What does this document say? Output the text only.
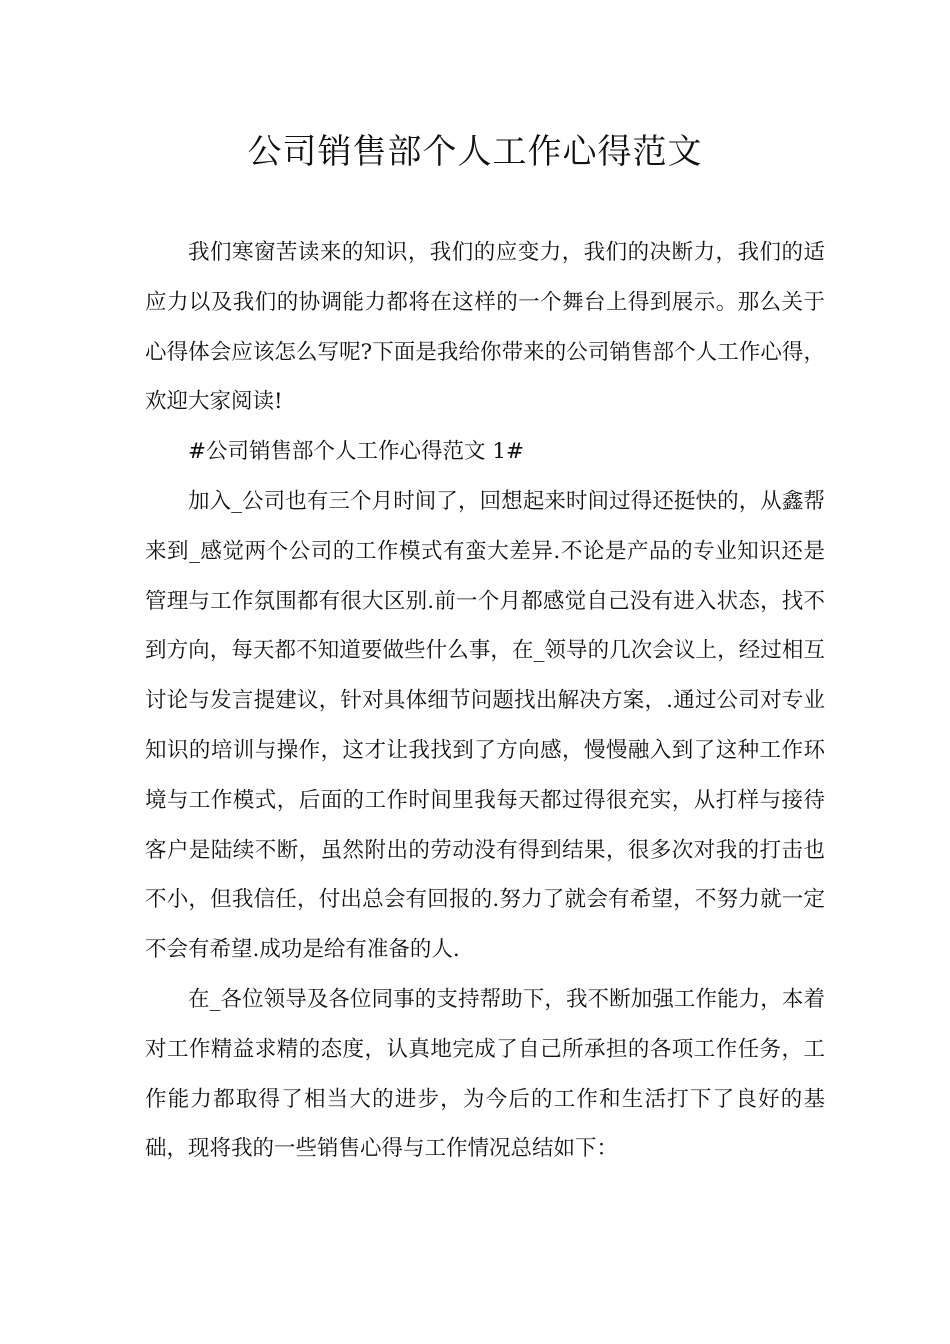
公司销售部个人工作心得范文

我们寒窗苦读来的知识，我们的应变力，我们的决断力，我们的适应力以及我们的协调能力都将在这样的一个舞台上得到展示。那么关于心得体会应该怎么写呢?下面是我给你带来的公司销售部个人工作心得，欢迎大家阅读!

#公司销售部个人工作心得范文 1#

加入_公司也有三个月时间了，回想起来时间过得还挺快的，从鑫帮来到_感觉两个公司的工作模式有蛮大差异.不论是产品的专业知识还是管理与工作氛围都有很大区别.前一个月都感觉自己没有进入状态，找不到方向，每天都不知道要做些什么事，在_领导的几次会议上，经过相互讨论与发言提建议，针对具体细节问题找出解决方案，.通过公司对专业知识的培训与操作，这才让我找到了方向感，慢慢融入到了这种工作环境与工作模式，后面的工作时间里我每天都过得很充实，从打样与接待客户是陆续不断，虽然附出的劳动没有得到结果，很多次对我的打击也不小，但我信任，付出总会有回报的.努力了就会有希望，不努力就一定不会有希望.成功是给有准备的人.

在_各位领导及各位同事的支持帮助下，我不断加强工作能力，本着对工作精益求精的态度，认真地完成了自己所承担的各项工作任务，工作能力都取得了相当大的进步，为今后的工作和生活打下了良好的基础，现将我的一些销售心得与工作情况总结如下：
